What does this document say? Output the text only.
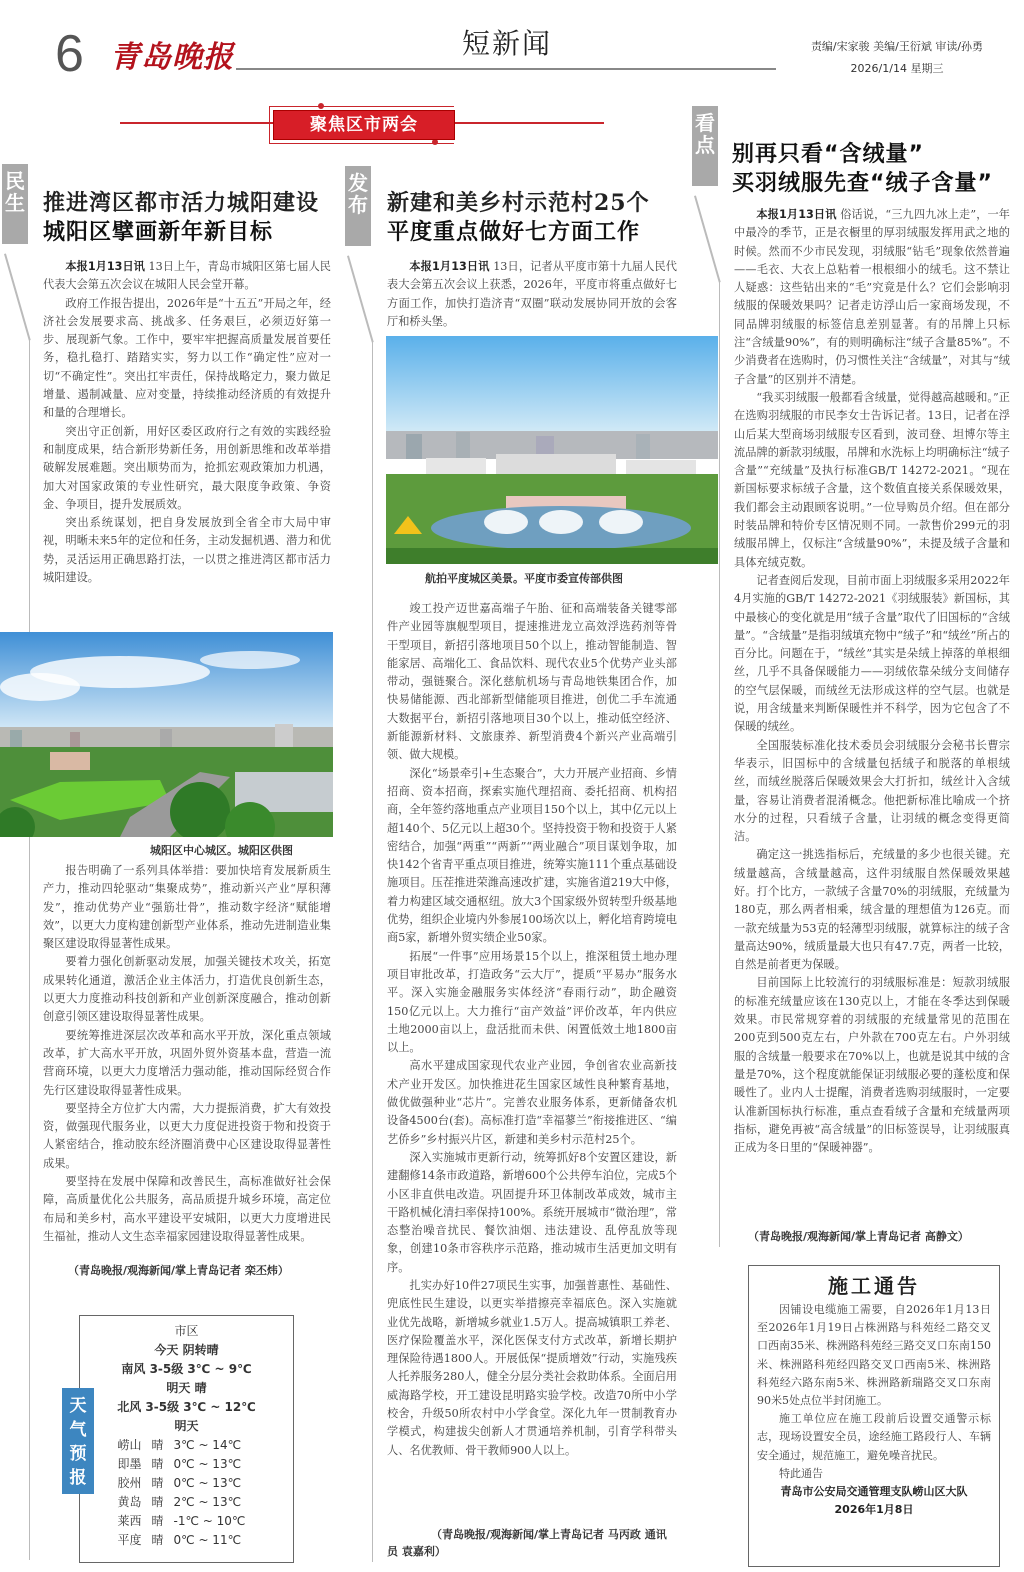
6 青岛晚报	短新闻	责编/宋家骏 美编/王衍斌 审读/孙勇
2026/1/14 星期三
聚焦区市两会
民
生 推进湾区都市活力城阳建设
城阳区擘画新年新目标

本报1月13日讯 13日上午，青岛市城阳区第七届人民代表大会第五次会议在城阳人民会堂开幕。

政府工作报告提出，2026年是“十五五”开局之年，经济社会发展要求高、挑战多、任务艰巨，必须迈好第一步、展现新气象。工作中，要牢牢把握高质量发展首要任务，稳扎稳打、踏踏实实，努力以工作“确定性”应对一切“不确定性”。突出扛牢责任，保持战略定力，聚力做足增量、遏制减量、应对变量，持续推动经济质的有效提升和量的合理增长。

突出守正创新，用好区委区政府行之有效的实践经验和制度成果，结合新形势新任务，用创新思维和改革举措破解发展难题。突出顺势而为，抢抓宏观政策加力机遇，加大对国家政策的专业性研究，最大限度争政策、争资金、争项目，提升发展质效。

突出系统谋划，把自身发展放到全省全市大局中审视，明晰未来5年的定位和任务，主动发掘机遇、潜力和优势，灵活运用正确思路打法，一以贯之推进湾区都市活力城阳建设。

城阳区中心城区。城阳区供图

报告明确了一系列具体举措：要加快培育发展新质生产力，推动四轮驱动“集聚成势”，推动新兴产业“厚积薄发”，推动优势产业“强筋壮骨”，推动数字经济“赋能增效”，以更大力度构建创新型产业体系，推动先进制造业集聚区建设取得显著性成果。

要着力强化创新驱动发展，加强关键技术攻关，拓宽成果转化通道，激活企业主体活力，打造优良创新生态，以更大力度推动科技创新和产业创新深度融合，推动创新创意引领区建设取得显著性成果。

要统筹推进深层次改革和高水平开放，深化重点领域改革，扩大高水平开放，巩固外贸外资基本盘，营造一流营商环境，以更大力度增活力强动能，推动国际经贸合作先行区建设取得显著性成果。

要坚持全方位扩大内需，大力提振消费，扩大有效投资，做强现代服务业，以更大力度促进投资于物和投资于人紧密结合，推动胶东经济圈消费中心区建设取得显著性成果。

要坚持在发展中保障和改善民生，高标准做好社会保障，高质量优化公共服务，高品质提升城乡环境，高定位布局和美乡村，高水平建设平安城阳，以更大力度增进民生福祉，推动人文生态幸福家园建设取得显著性成果。

（青岛晚报/观海新闻/掌上青岛记者 栾丕炜）
市区
今天 阴转晴
南风 3-5级 3℃ ~ 9℃
明天 晴
北风 3-5级 3℃ ~ 12℃
明天
崂山 晴 3℃ ~ 14℃
即墨 晴 0℃ ~ 13℃
胶州 晴 0℃ ~ 13℃
黄岛 晴 2℃ ~ 13℃
莱西 晴 -1℃ ~ 10℃
平度 晴 0℃ ~ 11℃
天
气
预
报
发
布 新建和美乡村示范村25个
平度重点做好七方面工作

本报1月13日讯 13日，记者从平度市第十九届人民代表大会第五次会议上获悉，2026年，平度市将重点做好七方面工作，加快打造济青“双圈”联动发展协同开放的会客厅和桥头堡。

航拍平度城区美景。平度市委宣传部供图

竣工投产迈世嘉高端子午胎、征和高端装备关键零部件产业园等旗舰型项目，提速推进龙立高效浮选药剂等骨干型项目，新招引落地项目50个以上，推动智能制造、智能家居、高端化工、食品饮料、现代农业5个优势产业头部带动，强链聚合。深化慈航机场与青岛地铁集团合作，加快易储能源、西北部新型储能项目推进，创优二手车流通大数据平台，新招引落地项目30个以上，推动低空经济、新能源新材料、文旅康养、新型消费4个新兴产业高端引领、做大规模。

深化“场景牵引+生态聚合”，大力开展产业招商、乡情招商、资本招商，探索实施代理招商、委托招商、机构招商，全年签约落地重点产业项目150个以上，其中亿元以上超140个、5亿元以上超30个。坚持投资于物和投资于人紧密结合，加强“两重”“两新”“两业融合”项目谋划争取，加快142个省青平重点项目推进，统筹实施111个重点基础设施项目。压茬推进荣潍高速改扩建，实施省道219大中修，着力构建区域交通枢纽。放大3个国家级外贸转型升级基地优势，组织企业境内外参展100场次以上，孵化培育跨境电商5家，新增外贸实绩企业50家。

拓展“一件事”应用场景15个以上，推深租赁土地办理项目审批改革，打造政务“云大厅”，提质“平易办”服务水平。深入实施金融服务实体经济“春雨行动”，助企融资150亿元以上。大力推行“亩产效益”评价改革，年内供应土地2000亩以上，盘活批而未供、闲置低效土地1800亩以上。

高水平建成国家现代农业产业园，争创省农业高新技术产业开发区。加快推进花生国家区域性良种繁育基地，做优做强种业“芯片”。完善农业服务体系，更新储备农机设备4500台(套)。高标准打造“幸福蓼兰”衔接推进区、“编艺侨乡”乡村振兴片区，新建和美乡村示范村25个。

深入实施城市更新行动，统筹抓好8个安置区建设，新建翻修14条市政道路，新增600个公共停车泊位，完成5个小区非直供电改造。巩固提升环卫体制改革成效，城市主干路机械化清扫率保持100%。系统开展城市“微治理”，常态整治噪音扰民、餐饮油烟、违法建设、乱停乱放等现象，创建10条市容秩序示范路，推动城市生活更加文明有序。

扎实办好10件27项民生实事，加强普惠性、基础性、兜底性民生建设，以更实举措擦亮幸福底色。深入实施就业优先战略，新增城乡就业1.5万人。提高城镇职工养老、医疗保险覆盖水平，深化医保支付方式改革，新增长期护理保险待遇1800人。开展低保“提质增效”行动，实施残疾人托养服务280人，健全分层分类社会救助体系。全面启用威海路学校，开工建设昆明路实验学校。改造70所中小学校舍，升级50所农村中小学食堂。深化九年一贯制教育办学模式，构建拔尖创新人才贯通培养机制，引育学科带头人、名优教师、骨干教师900人以上。

（青岛晚报/观海新闻/掌上青岛记者 马丙政 通讯员 袁嘉利）
看
点 别再只看“含绒量”
买羽绒服先查“绒子含量”

本报1月13日讯 俗话说，“三九四九冰上走”，一年中最冷的季节，正是衣橱里的厚羽绒服发挥用武之地的时候。然而不少市民发现，羽绒服“钻毛”现象依然普遍——毛衣、大衣上总粘着一根根细小的绒毛。这不禁让人疑惑：这些钻出来的“毛”究竟是什么？它们会影响羽绒服的保暖效果吗？记者走访浮山后一家商场发现，不同品牌羽绒服的标签信息差别显著。有的吊牌上只标注“含绒量90%”，有的则明确标注“绒子含量85%”。不少消费者在选购时，仍习惯性关注“含绒量”，对其与“绒子含量”的区别并不清楚。

“我买羽绒服一般都看含绒量，觉得越高越暖和。”正在选购羽绒服的市民李女士告诉记者。13日，记者在浮山后某大型商场羽绒服专区看到，波司登、坦博尔等主流品牌的新款羽绒服，吊牌和水洗标上均明确标注“绒子含量”“充绒量”及执行标准GB/T 14272-2021。“现在新国标要求标绒子含量，这个数值直接关系保暖效果，我们都会主动跟顾客说明。”一位导购员介绍。但在部分时装品牌和特价专区情况则不同。一款售价299元的羽绒服吊牌上，仅标注“含绒量90%”，未提及绒子含量和具体充绒克数。

记者查阅后发现，目前市面上羽绒服多采用2022年4月实施的GB/T 14272-2021《羽绒服装》新国标，其中最核心的变化就是用“绒子含量”取代了旧国标的“含绒量”。“含绒量”是指羽绒填充物中“绒子”和“绒丝”所占的百分比。问题在于，“绒丝”其实是朵绒上掉落的单根细丝，几乎不具备保暖能力——羽绒依靠朵绒分支间储存的空气层保暖，而绒丝无法形成这样的空气层。也就是说，用含绒量来判断保暖性并不科学，因为它包含了不保暖的绒丝。

全国服装标准化技术委员会羽绒服分会秘书长曹宗华表示，旧国标中的含绒量包括绒子和脱落的单根绒丝，而绒丝脱落后保暖效果会大打折扣，绒丝计入含绒量，容易让消费者混淆概念。他把新标准比喻成一个挤水分的过程，只看绒子含量，让羽绒的概念变得更简洁。

确定这一挑选指标后，充绒量的多少也很关键。充绒量越高，含绒量越高，这件羽绒服自然保暖效果越好。打个比方，一款绒子含量70%的羽绒服，充绒量为180克，那么两者相乘，绒含量的理想值为126克。而一款充绒量为53克的轻薄型羽绒服，就算标注的绒子含量高达90%，绒质量最大也只有47.7克，两者一比较，自然是前者更为保暖。

目前国际上比较流行的羽绒服标准是：短款羽绒服的标准充绒量应该在130克以上，才能在冬季达到保暖效果。市民常规穿着的羽绒服的充绒量常见的范围在200克到500克左右，户外款在700克左右。户外羽绒服的含绒量一般要求在70%以上，也就是说其中绒的含量是70%，这个程度就能保证羽绒服必要的蓬松度和保暖性了。业内人士提醒，消费者选购羽绒服时，一定要认准新国标执行标准，重点查看绒子含量和充绒量两项指标，避免再被“高含绒量”的旧标签误导，让羽绒服真正成为冬日里的“保暖神器”。

（青岛晚报/观海新闻/掌上青岛记者 高静文）
施工通告

因铺设电缆施工需要，自2026年1月13日至2026年1月19日占株洲路与科苑经二路交叉口西南35米、株洲路科苑经三路交叉口东南150米、株洲路科苑经四路交叉口西南5米、株洲路科苑经六路东南5米、株洲路新瑞路交叉口东南90米5处点位半封闭施工。

施工单位应在施工段前后设置交通警示标志，现场设置安全员，途经施工路段行人、车辆安全通过，规范施工，避免噪音扰民。

特此通告

青岛市公安局交通管理支队崂山区大队
2026年1月8日
